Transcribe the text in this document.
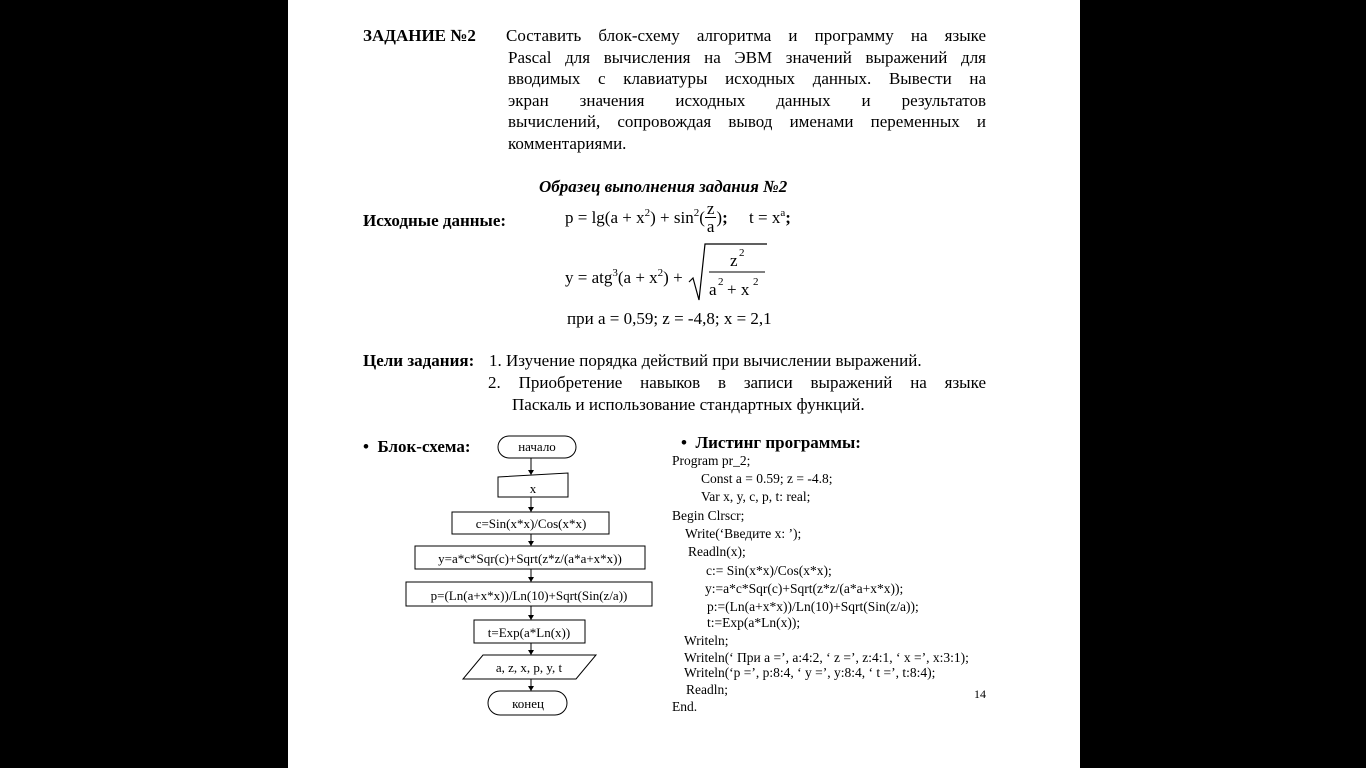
ЗАДАНИЕ №2 Составить блок-схему алгоритма и программу на языке
Pascal для вычисления на ЭВМ значений выражений для
вводимых с клавиатуры исходных данных. Вывести на
экран значения исходных данных и результатов
вычислений, сопровождая вывод именами переменных и
комментариями.
Образец выполнения задания №2
Исходные данные:	$p = \lg(a + x^2) + \sin^2( \frac{z}{a}$ );     $t = x^a$;
$y = atg^3(a + x^2)$ +
z 2
a 2 + x 2
при a = 0,59; z = -4,8; x = 2,1
Цели задания: 1. Изучение порядка действий при вычислении выражений.
2. Приобретение навыков в записи выражений на языке
Паскаль и использование стандартных функций.
• Блок-схема:	начало
x
c=Sin(x*x)/Cos(x*x)
y=a*c*Sqr(c)+Sqrt(z*z/(a*a+x*x))
p=(Ln(a+x*x))/Ln(10)+Sqrt(Sin(z/a))
t=Exp(a*Ln(x))
a, z, x, p, y, t
конец
• Листинг программы:
Program pr_2;
Const a = 0.59; z = -4.8;
Var x, y, c, p, t: real;
Begin Clrscr;
Write(‘Введите x: ’);
Readln(x);
c:= Sin(x*x)/Cos(x*x);
y:=a*c*Sqr(c)+Sqrt(z*z/(a*a+x*x));
p:=(Ln(a+x*x))/Ln(10)+Sqrt(Sin(z/a));
t:=Exp(a*Ln(x));
Writeln;
Writeln(‘ При a =’, a:4:2, ‘ z =’, z:4:1, ‘ x =’, x:3:1);
Writeln(‘p =’, p:8:4, ‘ y =’, y:8:4, ‘ t =’, t:8:4);
Readln;
End.
14
